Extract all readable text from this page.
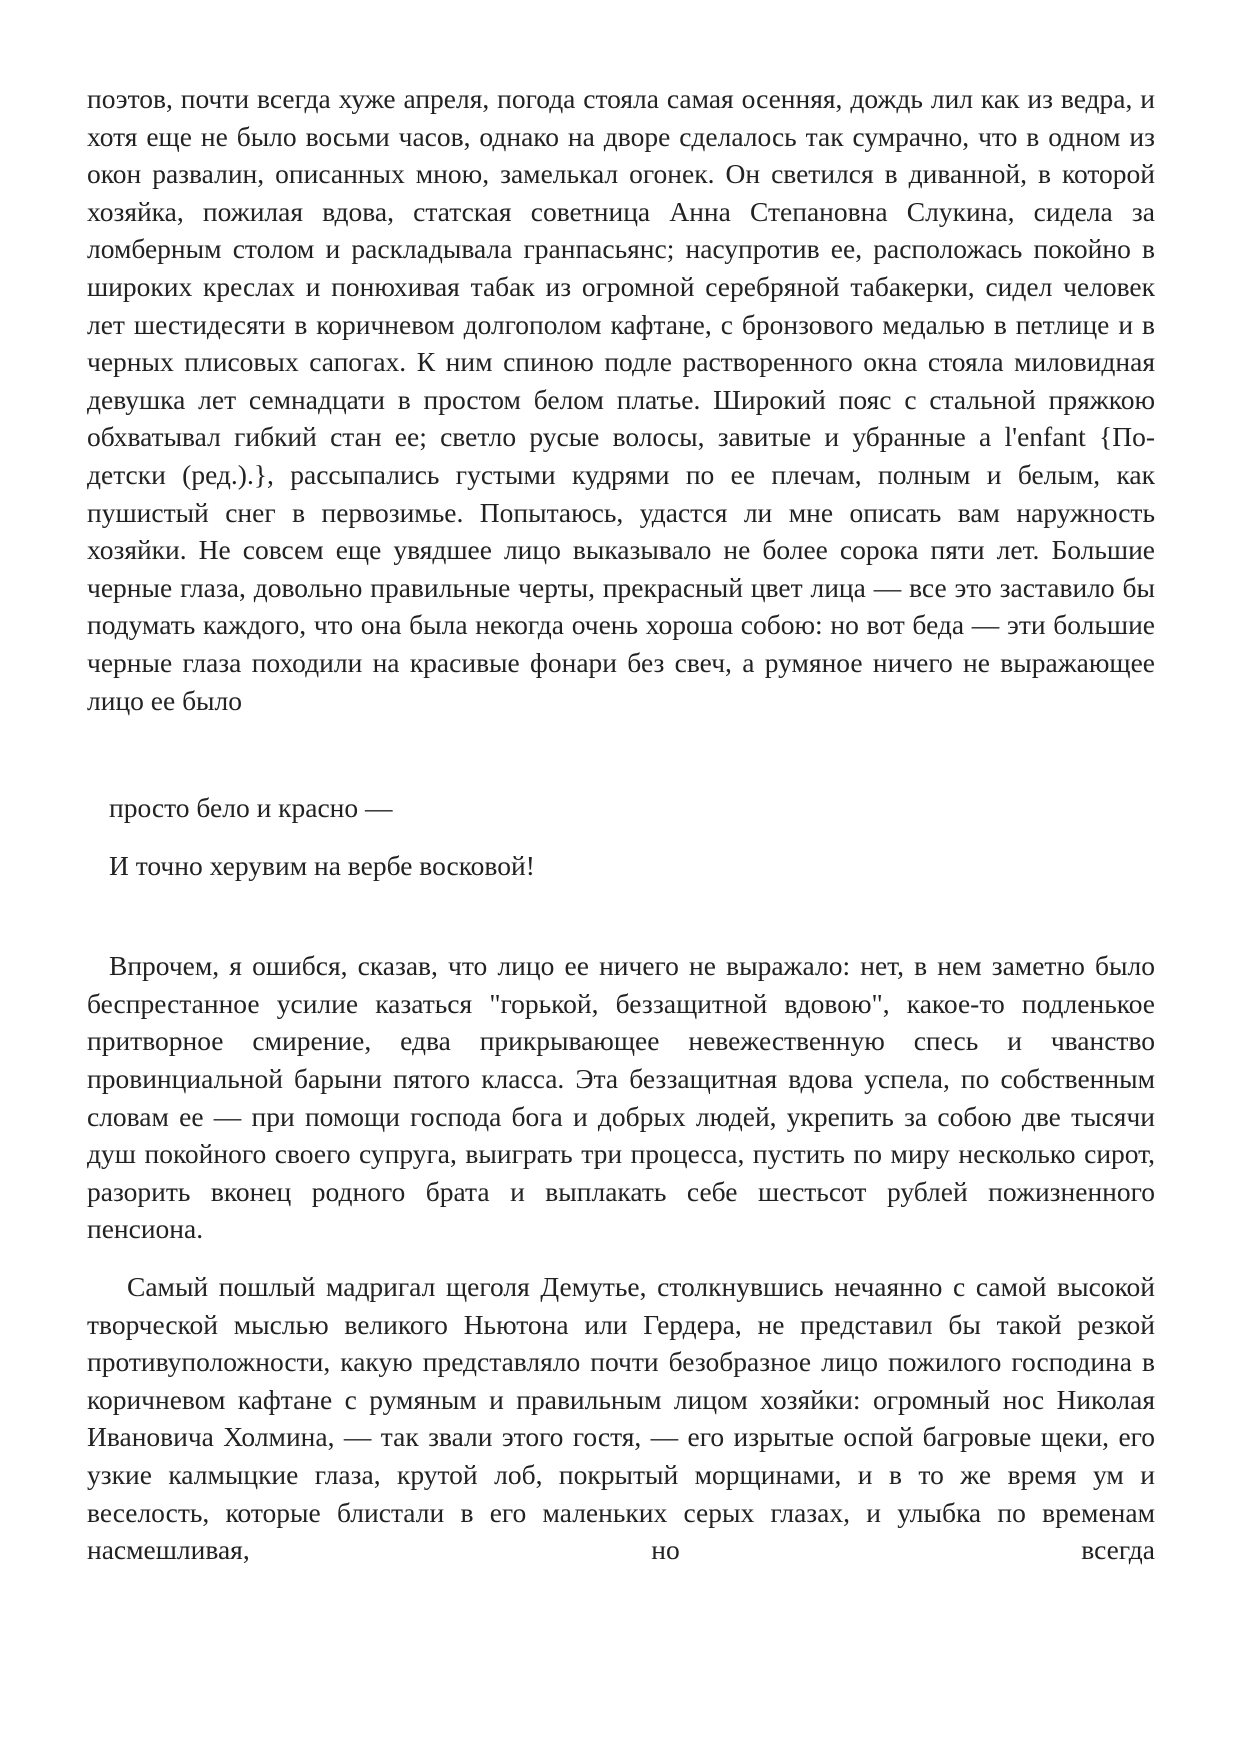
поэтов, почти всегда хуже апреля, погода стояла самая осенняя, дождь лил как из ведра, и хотя еще не было восьми часов, однако на дворе сделалось так сумрачно, что в одном из окон развалин, описанных мною, замелькал огонек. Он светился в диванной, в которой хозяйка, пожилая вдова, статская советница Анна Степановна Слукина, сидела за ломберным столом и раскладывала гранпасьянс; насупротив ее, расположась покойно в широких креслах и понюхивая табак из огромной серебряной табакерки, сидел человек лет шестидесяти в коричневом долгополом кафтане, с бронзового медалью в петлице и в черных плисовых сапогах. К ним спиною подле растворенного окна стояла миловидная девушка лет семнадцати в простом белом платье. Широкий пояс с стальной пряжкою обхватывал гибкий стан ее; светло русые волосы, завитые и убранные a l'enfant {По-детски (ред.).}, рассыпались густыми кудрями по ее плечам, полным и белым, как пушистый снег в первозимье. Попытаюсь, удастся ли мне описать вам наружность хозяйки. Не совсем еще увядшее лицо выказывало не более сорока пяти лет. Большие черные глаза, довольно правильные черты, прекрасный цвет лица — все это заставило бы подумать каждого, что она была некогда очень хороша собою: но вот беда — эти большие черные глаза походили на красивые фонари без свеч, а румяное ничего не выражающее лицо ее было

просто бело и красно —

И точно херувим на вербе восковой!

Впрочем, я ошибся, сказав, что лицо ее ничего не выражало: нет, в нем заметно было беспрестанное усилие казаться "горькой, беззащитной вдовою", какое-то подленькое притворное смирение, едва прикрывающее невежественную спесь и чванство провинциальной барыни пятого класса. Эта беззащитная вдова успела, по собственным словам ее — при помощи господа бога и добрых людей, укрепить за собою две тысячи душ покойного своего супруга, выиграть три процесса, пустить по миру несколько сирот, разорить вконец родного брата и выплакать себе шестьсот рублей пожизненного пенсиона.

Самый пошлый мадригал щеголя Демутье, столкнувшись нечаянно с самой высокой творческой мыслью великого Ньютона или Гердера, не представил бы такой резкой противуположности, какую представляло почти безобразное лицо пожилого господина в коричневом кафтане с румяным и правильным лицом хозяйки: огромный нос Николая Ивановича Холмина, — так звали этого гостя, — его изрытые оспой багровые щеки, его узкие калмыцкие глаза, крутой лоб, покрытый морщинами, и в то же время ум и веселость, которые блистали в его маленьких серых глазах, и улыбка по временам насмешливая, но всегда
